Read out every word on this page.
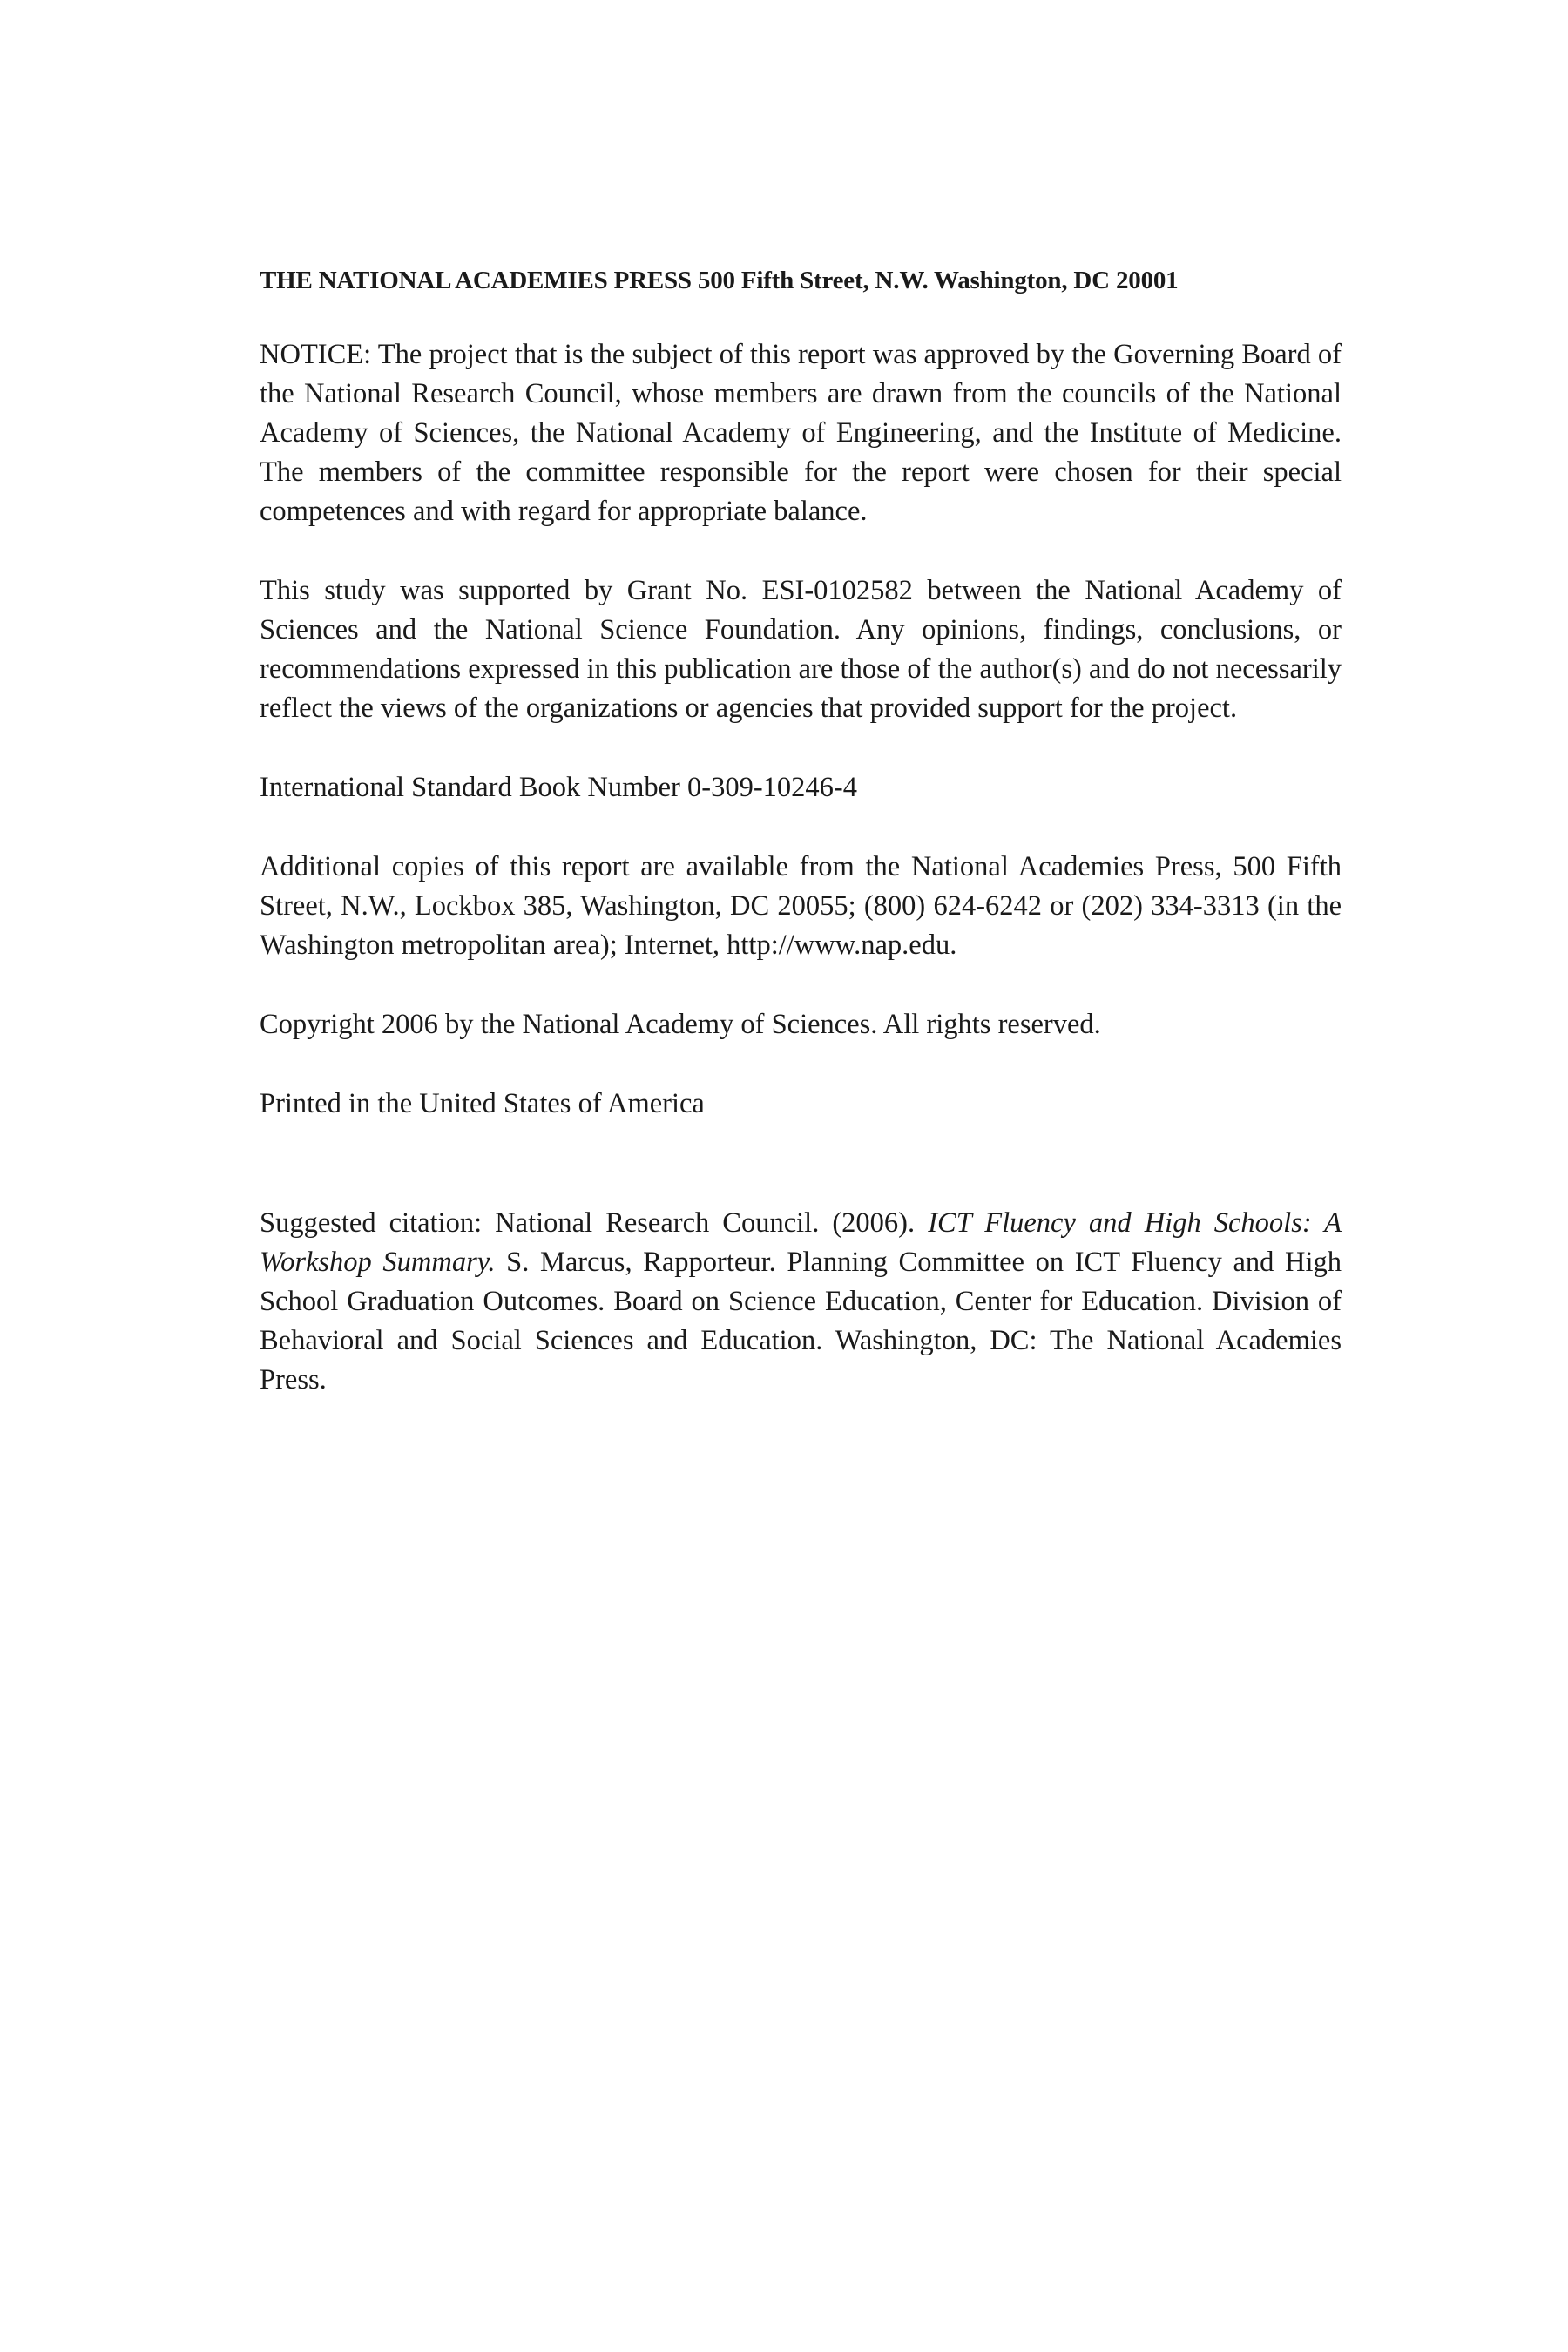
THE NATIONAL ACADEMIES PRESS 500 Fifth Street, N.W. Washington, DC 20001

NOTICE: The project that is the subject of this report was approved by the Governing Board of the National Research Council, whose members are drawn from the councils of the National Academy of Sciences, the National Academy of Engineering, and the Institute of Medicine. The members of the committee responsible for the report were chosen for their special competences and with regard for appropriate balance.

This study was supported by Grant No. ESI-0102582 between the National Academy of Sciences and the National Science Foundation. Any opinions, findings, conclusions, or recommendations expressed in this publication are those of the author(s) and do not necessarily reflect the views of the organizations or agencies that provided support for the project.

International Standard Book Number 0-309-10246-4

Additional copies of this report are available from the National Academies Press, 500 Fifth Street, N.W., Lockbox 385, Washington, DC 20055; (800) 624-6242 or (202) 334-3313 (in the Washington metropolitan area); Internet, http://www.nap.edu.

Copyright 2006 by the National Academy of Sciences. All rights reserved.

Printed in the United States of America

Suggested citation: National Research Council. (2006). ICT Fluency and High Schools: A Workshop Summary. S. Marcus, Rapporteur. Planning Committee on ICT Fluency and High School Graduation Outcomes. Board on Science Education, Center for Education. Division of Behavioral and Social Sciences and Education. Washington, DC: The National Academies Press.
